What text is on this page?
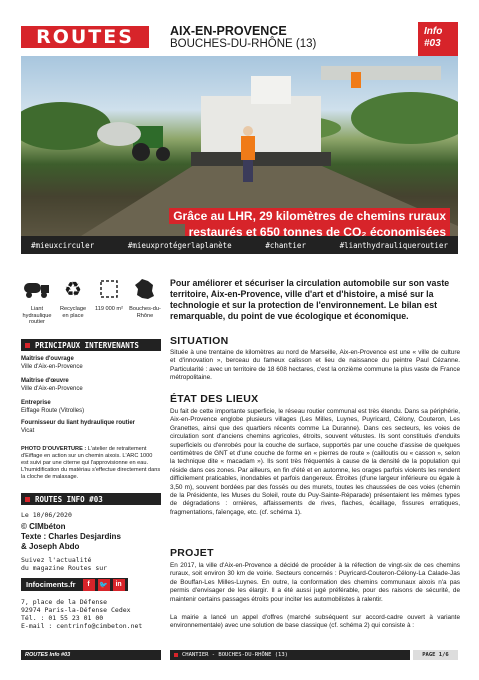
ROUTES	AIX-EN-PROVENCE
BOUCHES-DU-RHÔNE (13)
Info
#03
Grâce au LHR, 29 kilomètres de chemins ruraux
restaurés et 650 tonnes de CO₂ économisées
#mieuxcirculer	#mieuxprotégerlaplanète	#chantier	#lianthydrauliqueroutier
Liant hydraulique routier
♻
Recyclage en place
119 000 m²	Bouches-du-Rhône
PRINCIPAUX INTERVENANTS
Maîtrise d'ouvrage
Ville d'Aix-en-Provence
Maîtrise d'œuvre
Ville d'Aix-en-Provence
Entreprise
Eiffage Route (Vitrolles)
Fournisseur du liant hydraulique routier
Vicat
PHOTO D'OUVERTURE : L'atelier de retraitement d'Eiffage en action sur un chemin aixois. L'ARC 1000 est suivi par une citerne qui l'approvisionne en eau. L'humidification du matériau s'effectue directement dans la cloche de malaxage.
ROUTES INFO #03
Le 10/06/2020
© CIMbéton
Texte : Charles Desjardins
& Joseph Abdo
Suivez l'actualité
du magazine Routes sur
Infociments.fr	f	🐦	in
7, place de la Défense
92974 Paris-la-Défense Cedex
Tél. : 01 55 23 01 00
E-mail : centrinfo@cimbeton.net
Pour améliorer et sécuriser la circulation automobile sur son vaste territoire, Aix-en-Provence, ville d'art et d'histoire, a misé sur la technologie et sur la protection de l'environnement. Le bilan est remarquable, du point de vue écologique et économique.
SITUATION
Située à une trentaine de kilomètres au nord de Marseille, Aix-en-Provence est une « ville de culture et d'innovation », berceau du fameux calisson et lieu de naissance du peintre Paul Cézanne. Particularité : avec un territoire de 18 608 hectares, c'est la onzième commune la plus vaste de France métropolitaine.
ÉTAT DES LIEUX
Du fait de cette importante superficie, le réseau routier communal est très étendu. Dans sa périphérie, Aix-en-Provence englobe plusieurs villages (Les Milles, Luynes, Puyricard, Célony, Couteron, Les Granettes, ainsi que des quartiers récents comme La Duranne). Dans ces secteurs, les voies de circulation sont d'anciens chemins agricoles, étroits, souvent vétustes. Ils sont constitués d'enduits superficiels ou d'enrobés pour la couche de surface, supportés par une couche d'assise de quelques centimètres de GNT et d'une couche de forme en « pierres de route » (cailloutis ou « casson », selon la technique dite « macadam »). Ils sont très fréquentés à cause de la densité de la population qui réside dans ces zones. Par ailleurs, en fin d'été et en automne, les orages parfois violents les rendent difficilement praticables, inondables et parfois dangereux. Étroites (d'une largeur inférieure ou égale à 3,50 m), souvent bordées par des fossés ou des murets, toutes les chaussées de ces voies (chemin de la Présidente, les Muses du Soleil, route du Puy-Sainte-Réparade) présentaient les mêmes types de dégradations : ornières, affaissements de rives, flaches, écaillage, fissures erratiques, fragmentations, faïençage, etc. (cf. schéma 1).
PROJET
En 2017, la ville d'Aix-en-Provence a décidé de procéder à la réfection de vingt-six de ces chemins ruraux, soit environ 30 km de voirie. Secteurs concernés : Puyricard-Couteron-Célony-La Calade-Jas de Bouffan-Les Milles-Luynes. En outre, la conformation des chemins communaux aixois n'a pas permis d'envisager de les élargir. Il a été aussi jugé préférable, pour des raisons de sécurité, de maintenir certains passages étroits pour inciter les automobilistes à ralentir.
La mairie a lancé un appel d'offres (marché subséquent sur accord-cadre ouvert à variante environnementale) avec une solution de base classique (cf. schéma 2) qui consiste à :
ROUTES Info #03	CHANTIER - BOUCHES-DU-RHÔNE (13)	PAGE 1/6
